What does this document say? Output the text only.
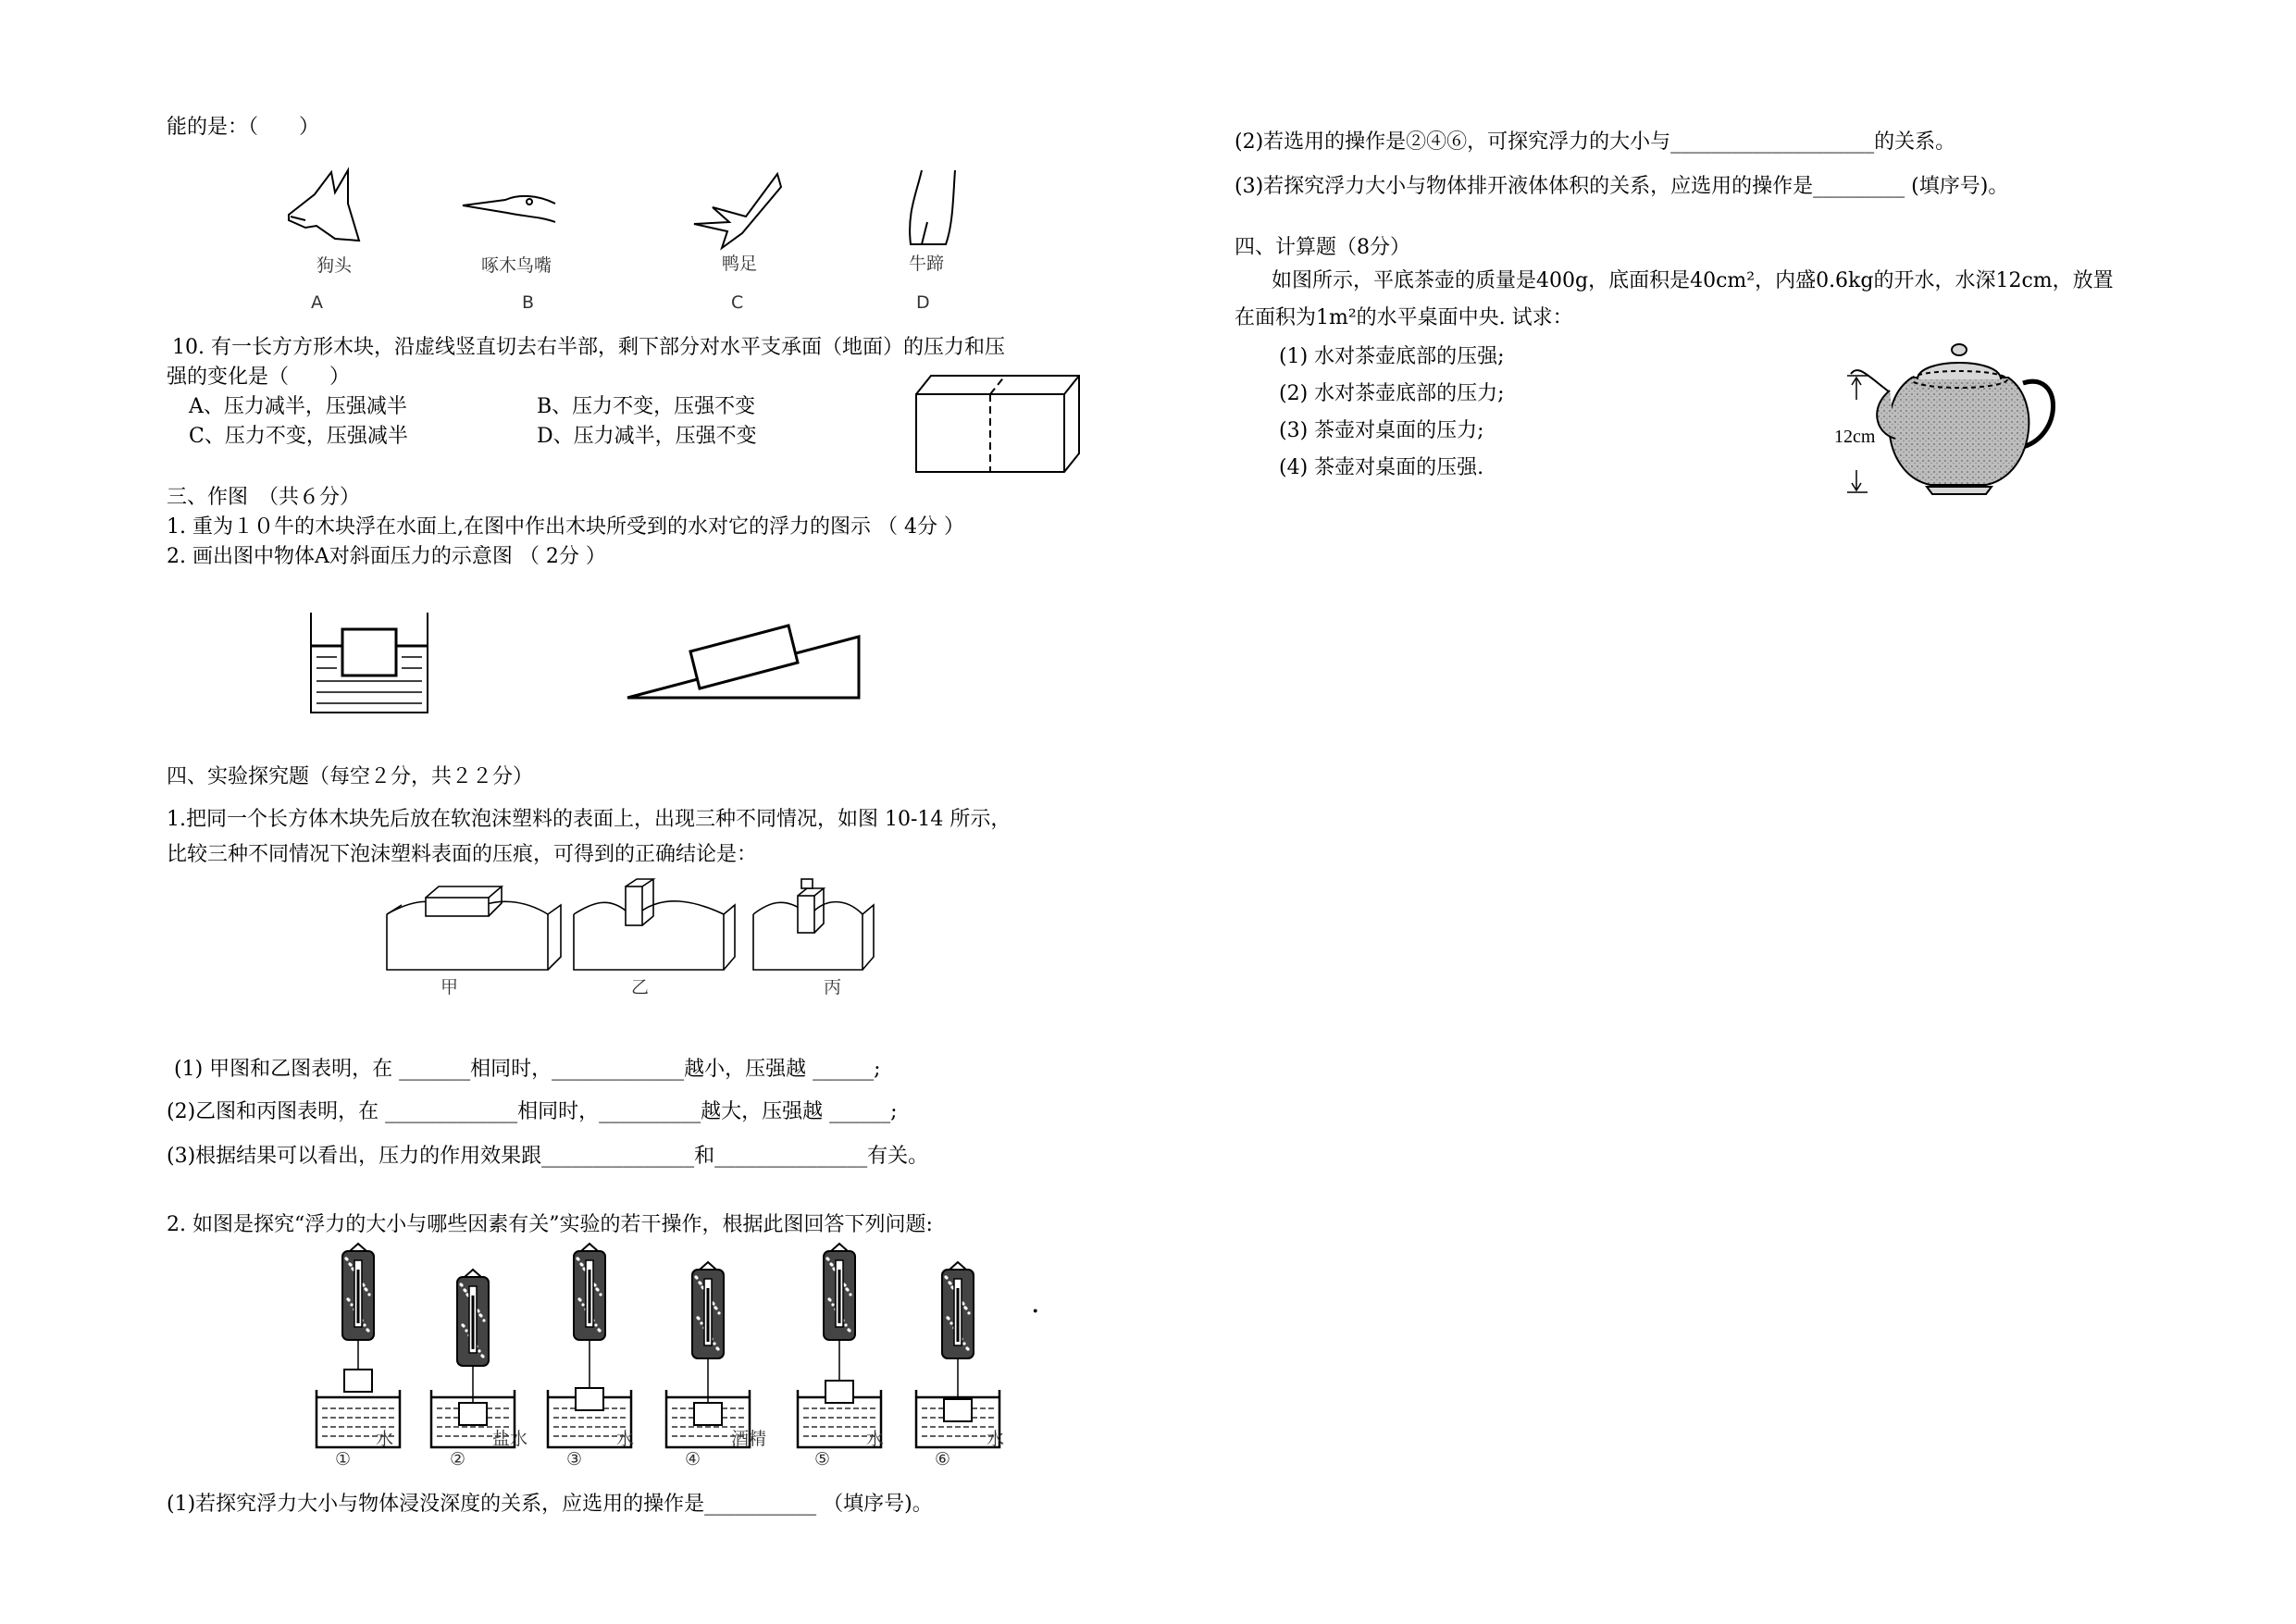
能的是：（　　）
狗头	啄木鸟嘴	鸭足	牛蹄
A	B	C	D
10. 有一长方方形木块，沿虚线竖直切去右半部，剩下部分对水平支承面（地面）的压力和压
强的变化是（　　）
A、压力减半，压强减半	B、压力不变，压强不变
C、压力不变，压强减半	D、压力减半，压强不变
三、作图　（共６分）
1. 重为１０牛的木块浮在水面上,在图中作出木块所受到的水对它的浮力的图示 （ 4分 ）
2. 画出图中物体A对斜面压力的示意图 （ 2分 ）
四、实验探究题（每空２分，共２２分）
1.把同一个长方体木块先后放在软泡沫塑料的表面上，出现三种不同情况，如图 10-14 所示，
比较三种不同情况下泡沫塑料表面的压痕，可得到的正确结论是：
甲	乙	丙
(1) 甲图和乙图表明，在 _______相同时，_____________越小，压强越 ______;
(2)乙图和丙图表明，在 _____________相同时，__________越大，压强越 ______;
(3)根据结果可以看出，压力的作用效果跟_______________和_______________有关。
2. 如图是探究“浮力的大小与哪些因素有关”实验的若干操作，根据此图回答下列问题:
①	②	③	④	⑤	⑥
水	盐水	水	酒精	水	水
·
(1)若探究浮力大小与物体浸没深度的关系，应选用的操作是___________ （填序号)。
(2)若选用的操作是②④⑥，可探究浮力的大小与____________________的关系。
(3)若探究浮力大小与物体排开液体体积的关系，应选用的操作是_________ (填序号)。
四、计算题（8分）
如图所示，平底茶壶的质量是400g，底面积是40cm²，内盛0.6kg的开水，水深12cm，放置
在面积为1m²的水平桌面中央. 试求：
(1) 水对茶壶底部的压强;
(2) 水对茶壶底部的压力;
(3) 茶壶对桌面的压力;
(4) 茶壶对桌面的压强.
12cm
